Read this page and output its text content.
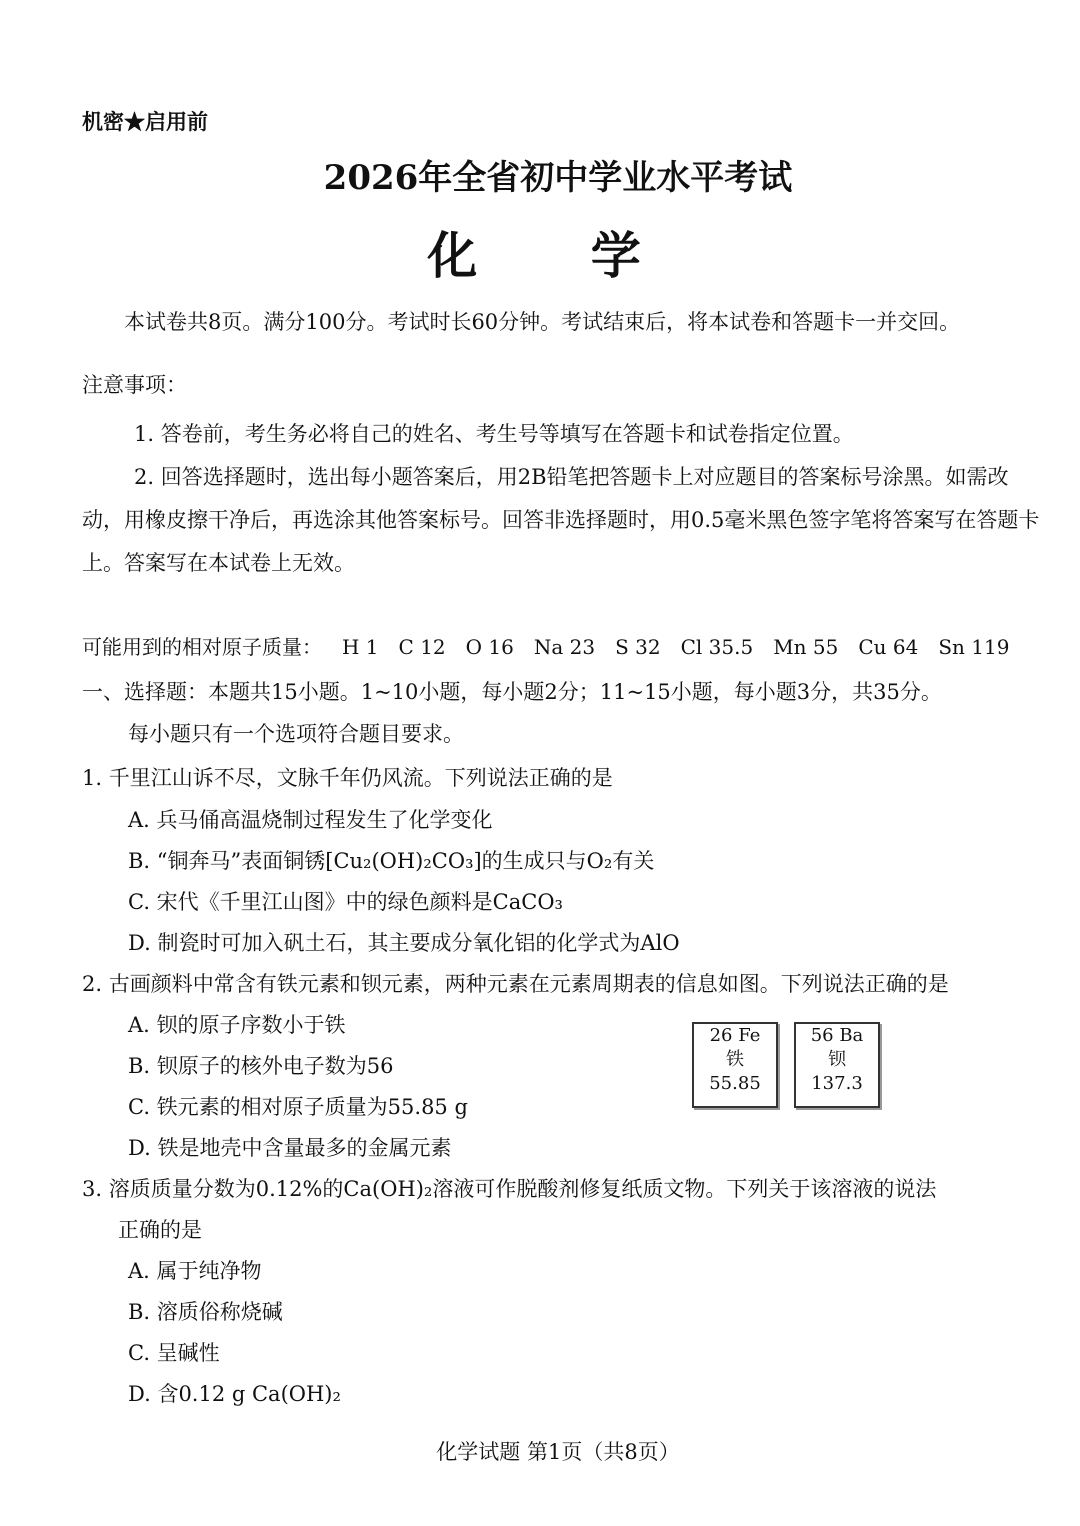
机密★启用前
2026年全省初中学业水平考试
化 学
本试卷共8页。满分100分。考试时长60分钟。考试结束后，将本试卷和答题卡一并交回。
注意事项：
1. 答卷前，考生务必将自己的姓名、考生号等填写在答题卡和试卷指定位置。
2. 回答选择题时，选出每小题答案后，用2B铅笔把答题卡上对应题目的答案标号涂黑。如需改动，用橡皮擦干净后，再选涂其他答案标号。回答非选择题时，用0.5毫米黑色签字笔将答案写在答题卡上。答案写在本试卷上无效。
可能用到的相对原子质量： H 1 C 12 O 16 Na 23 S 32 Cl 35.5 Mn 55 Cu 64 Sn 119
一、选择题：本题共15小题。1~10小题，每小题2分；11~15小题，每小题3分，共35分。
每小题只有一个选项符合题目要求。
1. 千里江山诉不尽，文脉千年仍风流。下列说法正确的是
A. 兵马俑高温烧制过程发生了化学变化
B. “铜奔马”表面铜锈[Cu₂(OH)₂CO₃]的生成只与O₂有关
C. 宋代《千里江山图》中的绿色颜料是CaCO₃
D. 制瓷时可加入矾土石，其主要成分氧化铝的化学式为AlO
2. 古画颜料中常含有铁元素和钡元素，两种元素在元素周期表的信息如图。下列说法正确的是
A. 钡的原子序数小于铁
B. 钡原子的核外电子数为56
C. 铁元素的相对原子质量为55.85 g
D. 铁是地壳中含量最多的金属元素
26 Fe
铁
55.85
56 Ba
钡
137.3
3. 溶质质量分数为0.12%的Ca(OH)₂溶液可作脱酸剂修复纸质文物。下列关于该溶液的说法
正确的是
A. 属于纯净物
B. 溶质俗称烧碱
C. 呈碱性
D. 含0.12 g Ca(OH)₂
化学试题 第1页（共8页）
